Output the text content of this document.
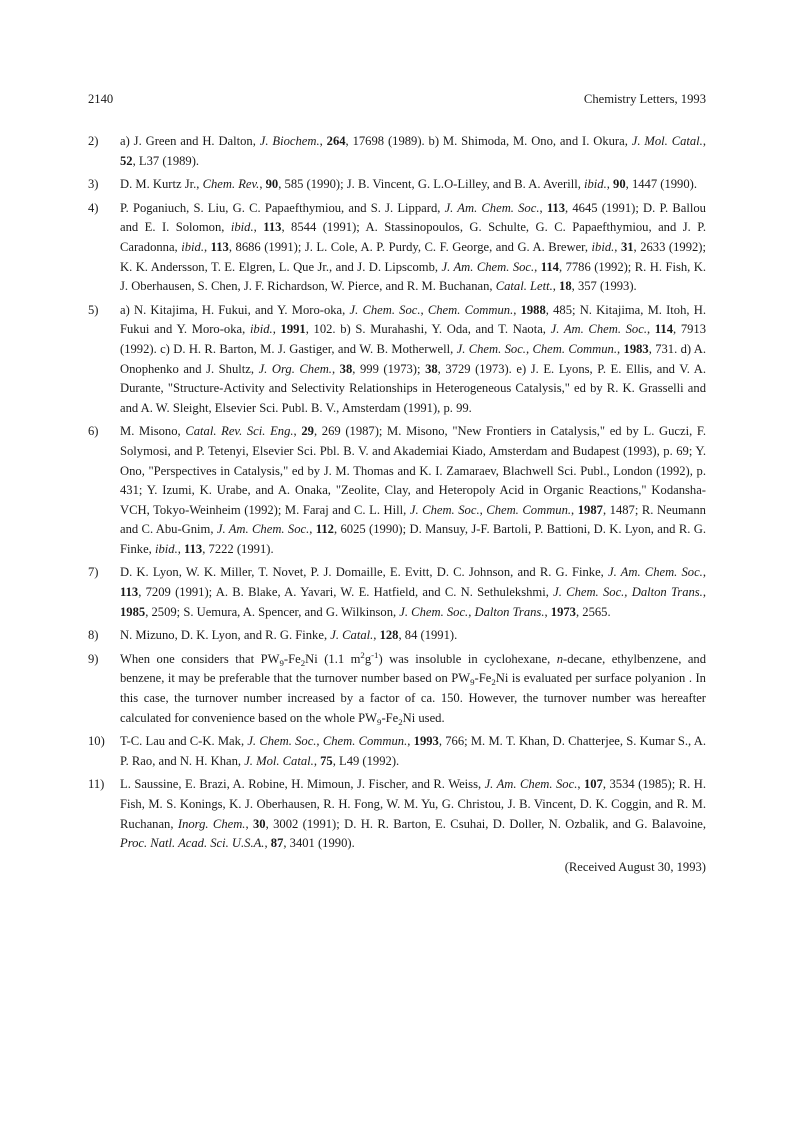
2140	Chemistry Letters, 1993
2) a) J. Green and H. Dalton, J. Biochem., 264, 17698 (1989). b) M. Shimoda, M. Ono, and I. Okura, J. Mol. Catal., 52, L37 (1989).
3) D. M. Kurtz Jr., Chem. Rev., 90, 585 (1990); J. B. Vincent, G. L.O-Lilley, and B. A. Averill, ibid., 90, 1447 (1990).
4) P. Poganiuch, S. Liu, G. C. Papaefthymiou, and S. J. Lippard, J. Am. Chem. Soc., 113, 4645 (1991); D. P. Ballou and E. I. Solomon, ibid., 113, 8544 (1991); A. Stassinopoulos, G. Schulte, G. C. Papaefthymiou, and J. P. Caradonna, ibid., 113, 8686 (1991); J. L. Cole, A. P. Purdy, C. F. George, and G. A. Brewer, ibid., 31, 2633 (1992); K. K. Andersson, T. E. Elgren, L. Que Jr., and J. D. Lipscomb, J. Am. Chem. Soc., 114, 7786 (1992); R. H. Fish, K. J. Oberhausen, S. Chen, J. F. Richardson, W. Pierce, and R. M. Buchanan, Catal. Lett., 18, 357 (1993).
5) a) N. Kitajima, H. Fukui, and Y. Moro-oka, J. Chem. Soc., Chem. Commun., 1988, 485; N. Kitajima, M. Itoh, H. Fukui and Y. Moro-oka, ibid., 1991, 102. b) S. Murahashi, Y. Oda, and T. Naota, J. Am. Chem. Soc., 114, 7913 (1992). c) D. H. R. Barton, M. J. Gastiger, and W. B. Motherwell, J. Chem. Soc., Chem. Commun., 1983, 731. d) A. Onophenko and J. Shultz, J. Org. Chem., 38, 999 (1973); 38, 3729 (1973). e) J. E. Lyons, P. E. Ellis, and V. A. Durante, "Structure-Activity and Selectivity Relationships in Heterogeneous Catalysis," ed by R. K. Grasselli and and A. W. Sleight, Elsevier Sci. Publ. B. V., Amsterdam (1991), p. 99.
6) M. Misono, Catal. Rev. Sci. Eng., 29, 269 (1987); M. Misono, "New Frontiers in Catalysis," ed by L. Guczi, F. Solymosi, and P. Tetenyi, Elsevier Sci. Pbl. B. V. and Akademiai Kiado, Amsterdam and Budapest (1993), p. 69; Y. Ono, "Perspectives in Catalysis," ed by J. M. Thomas and K. I. Zamaraev, Blachwell Sci. Publ., London (1992), p. 431; Y. Izumi, K. Urabe, and A. Onaka, "Zeolite, Clay, and Heteropoly Acid in Organic Reactions," Kodansha-VCH, Tokyo-Weinheim (1992); M. Faraj and C. L. Hill, J. Chem. Soc., Chem. Commun., 1987, 1487; R. Neumann and C. Abu-Gnim, J. Am. Chem. Soc., 112, 6025 (1990); D. Mansuy, J-F. Bartoli, P. Battioni, D. K. Lyon, and R. G. Finke, ibid., 113, 7222 (1991).
7) D. K. Lyon, W. K. Miller, T. Novet, P. J. Domaille, E. Evitt, D. C. Johnson, and R. G. Finke, J. Am. Chem. Soc., 113, 7209 (1991); A. B. Blake, A. Yavari, W. E. Hatfield, and C. N. Sethulekshmi, J. Chem. Soc., Dalton Trans., 1985, 2509; S. Uemura, A. Spencer, and G. Wilkinson, J. Chem. Soc., Dalton Trans., 1973, 2565.
8) N. Mizuno, D. K. Lyon, and R. G. Finke, J. Catal., 128, 84 (1991).
9) When one considers that $PW_9-Fe_2Ni$ (1.1 $m^2g^{-1}$) was insoluble in cyclohexane, n-decane, ethylbenzene, and benzene, it may be preferable that the turnover number based on $PW_9-Fe_2Ni$ is evaluated per surface polyanion . In this case, the turnover number increased by a factor of ca. 150. However, the turnover number was hereafter calculated for convenience based on the whole $PW_9-Fe_2Ni$ used.
10) T-C. Lau and C-K. Mak, J. Chem. Soc., Chem. Commun., 1993, 766; M. M. T. Khan, D. Chatterjee, S. Kumar S., A. P. Rao, and N. H. Khan, J. Mol. Catal., 75, L49 (1992).
11) L. Saussine, E. Brazi, A. Robine, H. Mimoun, J. Fischer, and R. Weiss, J. Am. Chem. Soc., 107, 3534 (1985); R. H. Fish, M. S. Konings, K. J. Oberhausen, R. H. Fong, W. M. Yu, G. Christou, J. B. Vincent, D. K. Coggin, and R. M. Ruchanan, Inorg. Chem., 30, 3002 (1991); D. H. R. Barton, E. Csuhai, D. Doller, N. Ozbalik, and G. Balavoine, Proc. Natl. Acad. Sci. U.S.A., 87, 3401 (1990).
(Received August 30, 1993)
